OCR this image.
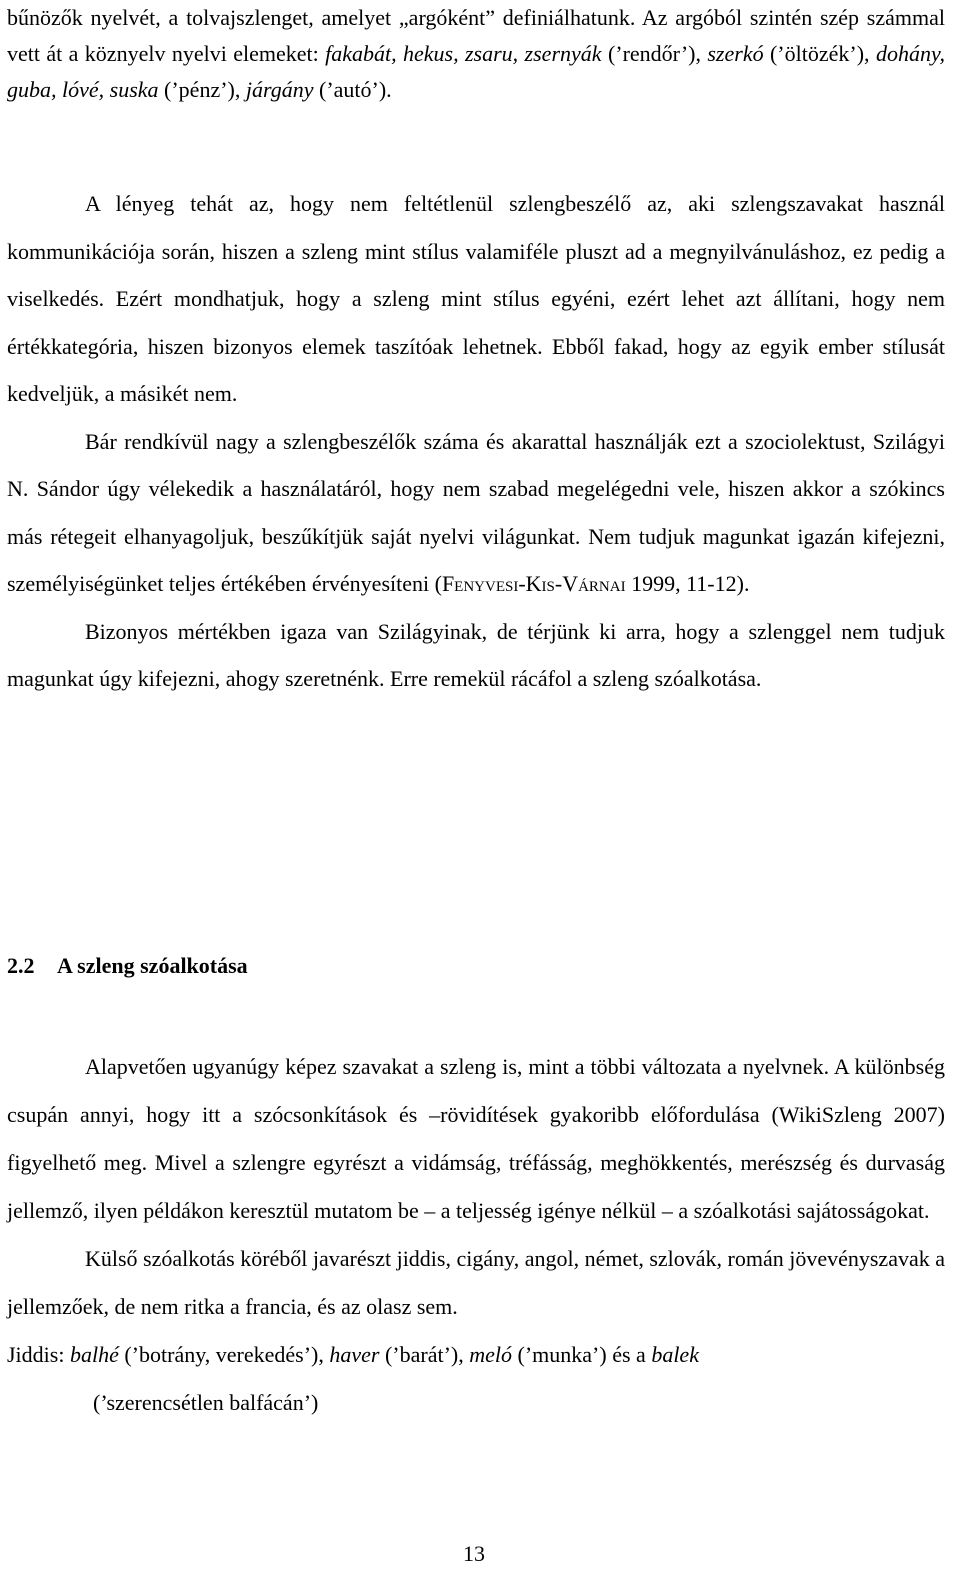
bűnözők nyelvét, a tolvajszlenget, amelyet „argóként” definiálhatunk. Az argóból szintén szép számmal vett át a köznyelv nyelvi elemeket: fakabát, hekus, zsaru, zsernyák (’rendőr’), szerkó (’öltözék’), dohány, guba, lóvé, suska (’pénz’), járgány (’autó’).

A lényeg tehát az, hogy nem feltétlenül szlengbeszélő az, aki szlengszavakat használ kommunikációja során, hiszen a szleng mint stílus valamiféle pluszt ad a megnyilvánuláshoz, ez pedig a viselkedés. Ezért mondhatjuk, hogy a szleng mint stílus egyéni, ezért lehet azt állítani, hogy nem értékkategória, hiszen bizonyos elemek taszítóak lehetnek. Ebből fakad, hogy az egyik ember stílusát kedveljük, a másikét nem.

Bár rendkívül nagy a szlengbeszélők száma és akarattal használják ezt a szociolektust, Szilágyi N. Sándor úgy vélekedik a használatáról, hogy nem szabad megelégedni vele, hiszen akkor a szókincs más rétegeit elhanyagoljuk, beszűkítjük saját nyelvi világunkat. Nem tudjuk magunkat igazán kifejezni, személyiségünket teljes értékében érvényesíteni (Fenyvesi-Kis-Várnai 1999, 11-12).

Bizonyos mértékben igaza van Szilágyinak, de térjünk ki arra, hogy a szlenggel nem tudjuk magunkat úgy kifejezni, ahogy szeretnénk. Erre remekül rácáfol a szleng szóalkotása.

2.2 A szleng szóalkotása

Alapvetően ugyanúgy képez szavakat a szleng is, mint a többi változata a nyelvnek. A különbség csupán annyi, hogy itt a szócsonkítások és –rövidítések gyakoribb előfordulása (WikiSzleng 2007) figyelhető meg. Mivel a szlengre egyrészt a vidámság, tréfásság, meghökkentés, merészség és durvaság jellemző, ilyen példákon keresztül mutatom be – a teljesség igénye nélkül – a szóalkotási sajátosságokat.

Külső szóalkotás köréből javarészt jiddis, cigány, angol, német, szlovák, román jövevényszavak a jellemzőek, de nem ritka a francia, és az olasz sem.

Jiddis: balhé (’botrány, verekedés’), haver (’barát’), meló (’munka’) és a balek
(’szerencsétlen balfácán’)

13
